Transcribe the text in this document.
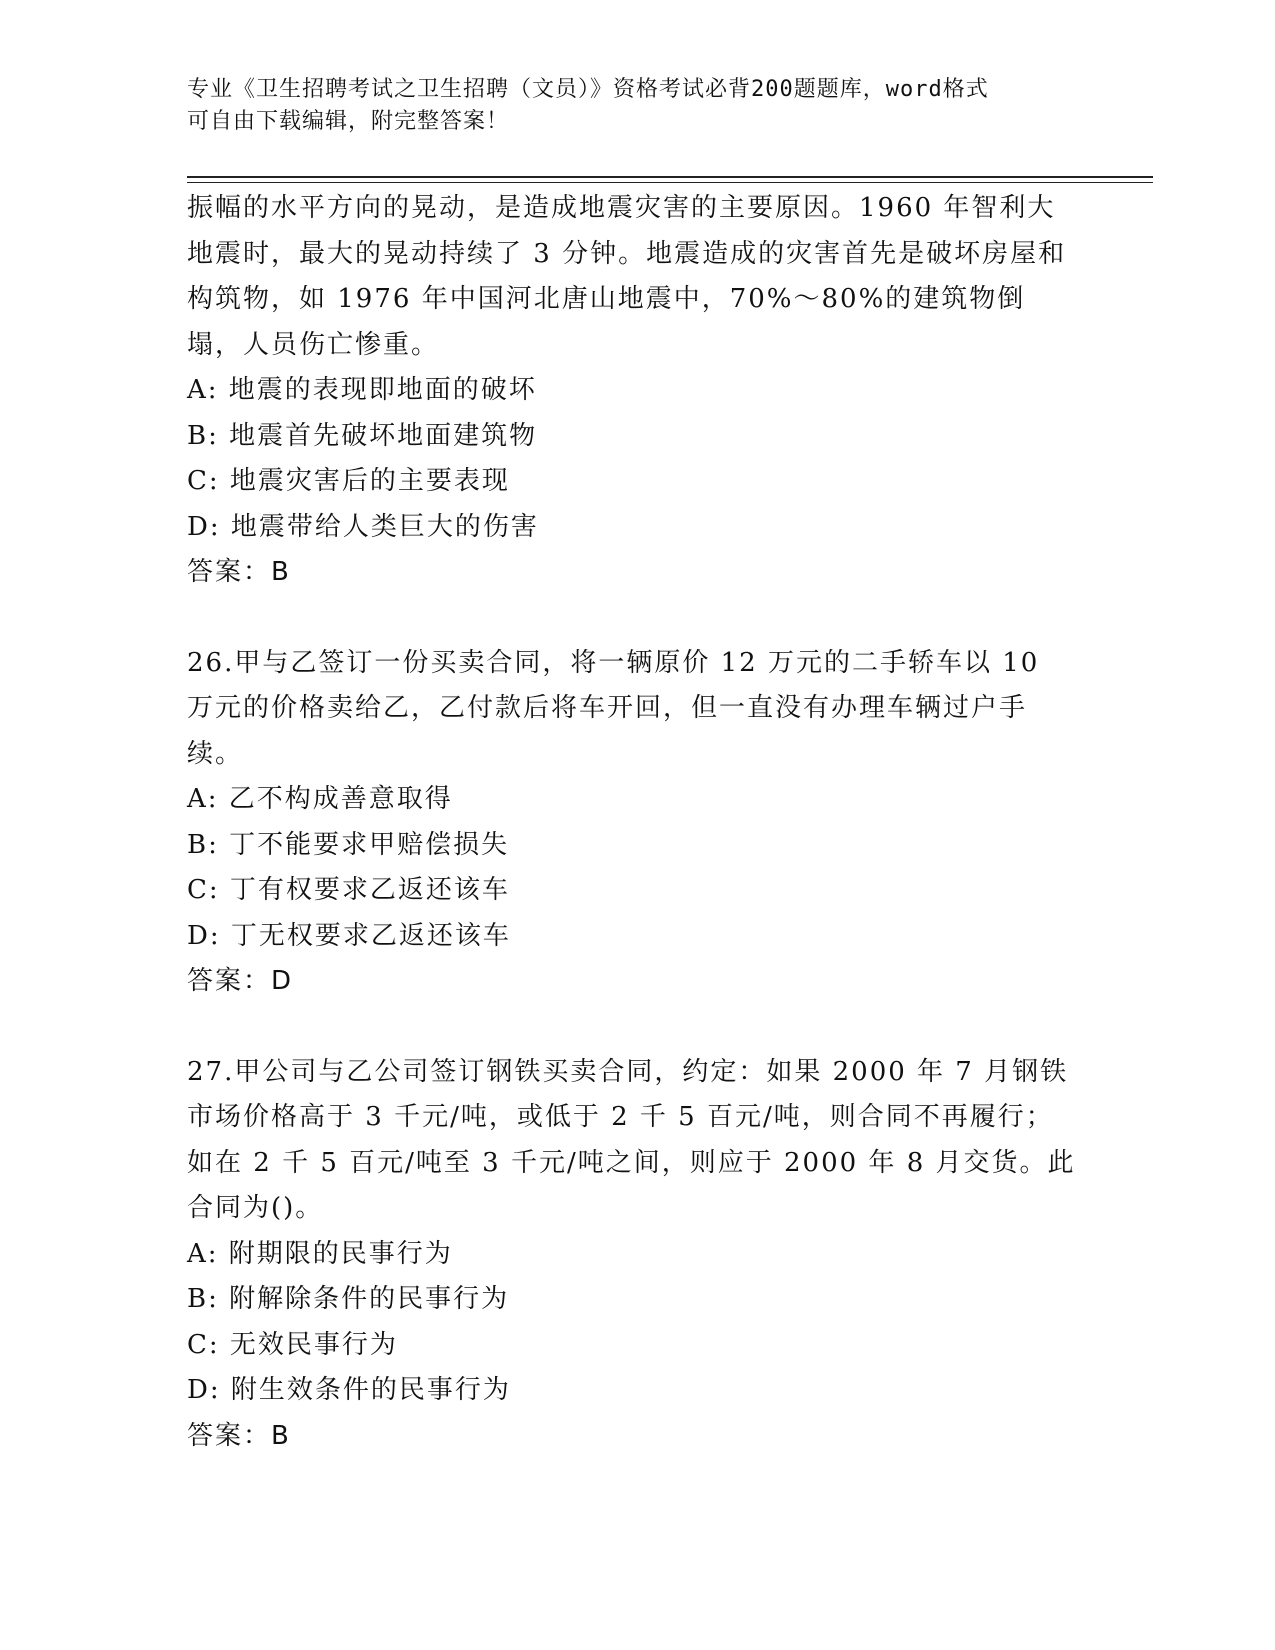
专业《卫生招聘考试之卫生招聘（文员）》资格考试必背200题题库，word格式
可自由下载编辑，附完整答案！

振幅的水平方向的晃动，是造成地震灾害的主要原因。1960 年智利大地震时，最大的晃动持续了 3 分钟。地震造成的灾害首先是破坏房屋和构筑物，如 1976 年中国河北唐山地震中，70%～80%的建筑物倒塌，人员伤亡惨重。

A: 地震的表现即地面的破坏

B: 地震首先破坏地面建筑物

C: 地震灾害后的主要表现

D: 地震带给人类巨大的伤害

答案：B

26.甲与乙签订一份买卖合同，将一辆原价 12 万元的二手轿车以 10 万元的价格卖给乙，乙付款后将车开回，但一直没有办理车辆过户手续。

A: 乙不构成善意取得

B: 丁不能要求甲赔偿损失

C: 丁有权要求乙返还该车

D: 丁无权要求乙返还该车

答案：D

27.甲公司与乙公司签订钢铁买卖合同，约定：如果 2000 年 7 月钢铁市场价格高于 3 千元/吨，或低于 2 千 5 百元/吨，则合同不再履行；如在 2 千 5 百元/吨至 3 千元/吨之间，则应于 2000 年 8 月交货。此合同为()。

A: 附期限的民事行为

B: 附解除条件的民事行为

C: 无效民事行为

D: 附生效条件的民事行为

答案：B
